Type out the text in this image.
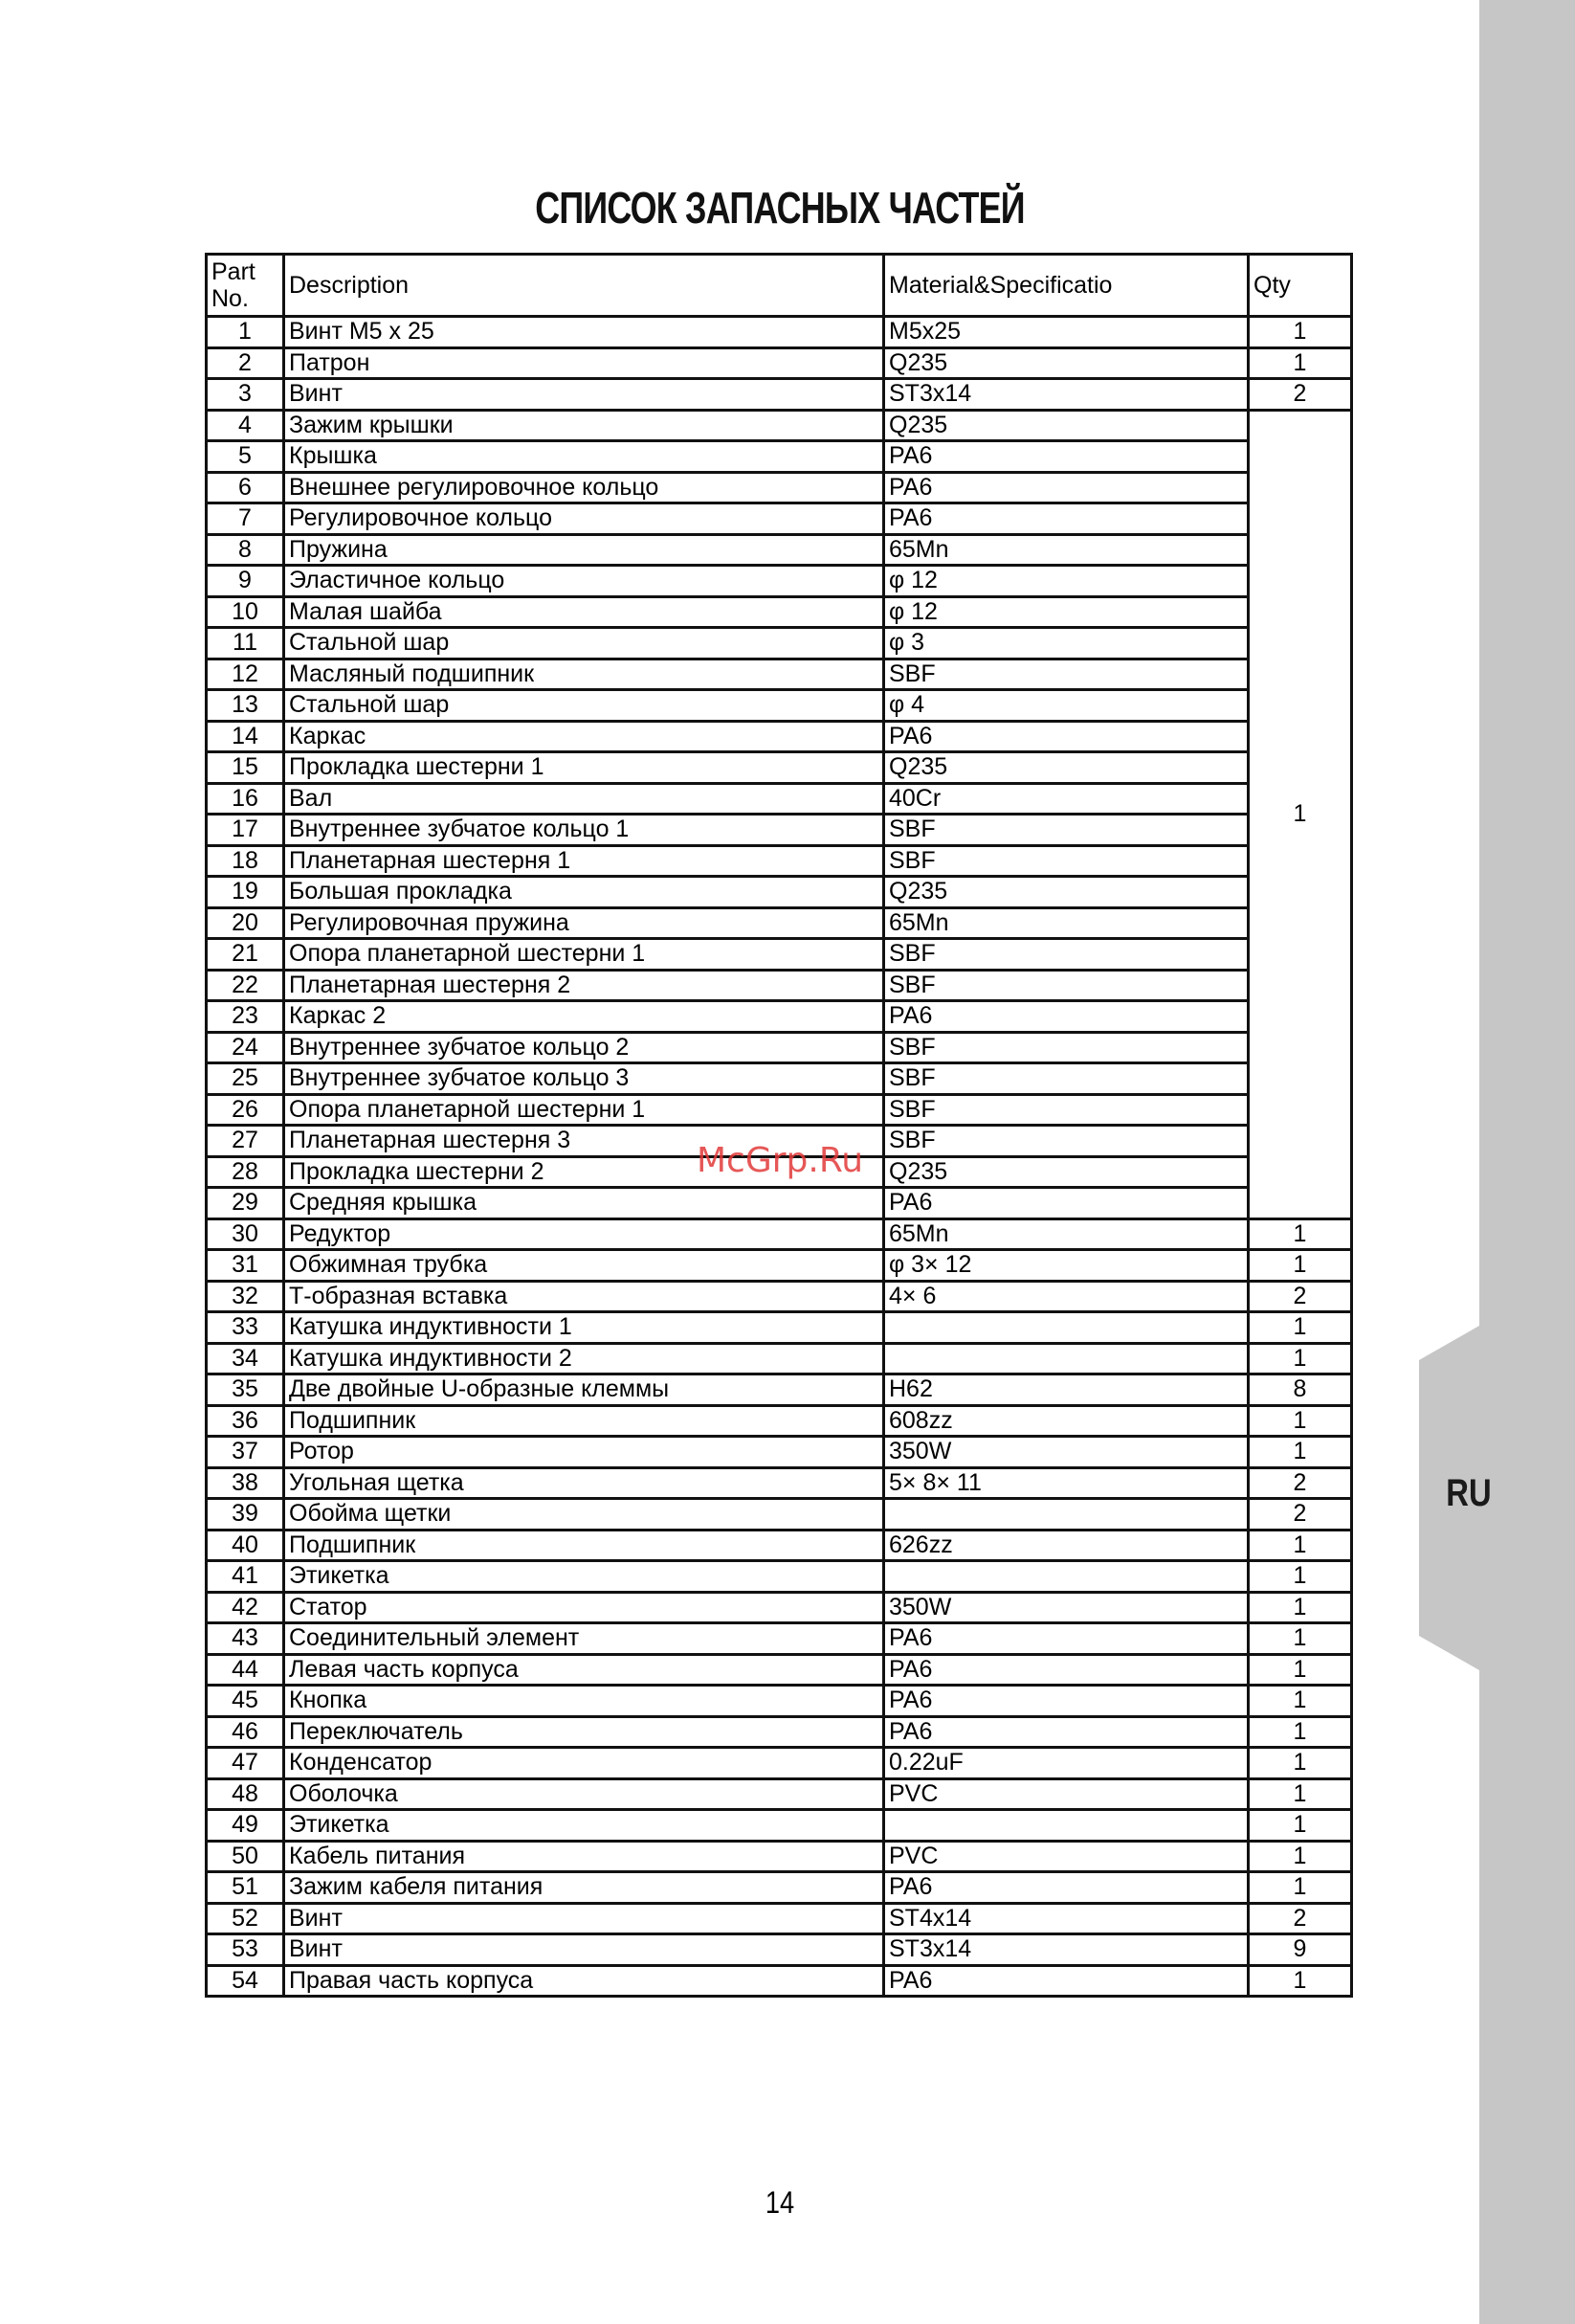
RU
СПИСОК ЗАПАСНЫХ ЧАСТЕЙ
Part
No.	Description	Material&Specificatio	Qty
1	Винт M5 x 25	M5x25	1
2	Патрон	Q235	1
3	Винт	ST3x14	2
4	Зажим крышки	Q235	1
5	Крышка	PA6	
6	Внешнее регулировочное кольцо	PA6	
7	Регулировочное кольцо	PA6	
8	Пружина	65Mn	
9	Эластичное кольцо	φ 12	
10	Малая шайба	φ 12	
11	Стальной шар	φ 3	
12	Масляный подшипник	SBF	
13	Стальной шар	φ 4	
14	Каркас	PA6	
15	Прокладка шестерни 1	Q235	
16	Вал	40Cr	
17	Внутреннее зубчатое кольцо 1	SBF	
18	Планетарная шестерня 1	SBF	
19	Большая прокладка	Q235	
20	Регулировочная пружина	65Mn	
21	Опора планетарной шестерни 1	SBF	
22	Планетарная шестерня 2	SBF	
23	Каркас 2	PA6	
24	Внутреннее зубчатое кольцо 2	SBF	
25	Внутреннее зубчатое кольцо 3	SBF	
26	Опора планетарной шестерни 1	SBF	
27	Планетарная шестерня 3	SBF	
28	Прокладка шестерни 2	Q235	
29	Средняя крышка	PA6	
30	Редуктор	65Mn	1
31	Обжимная трубка	φ 3× 12	1
32	Т-образная вставка	4× 6	2
33	Катушка индуктивности 1		1
34	Катушка индуктивности 2		1
35	Две двойные U-образные клеммы	H62	8
36	Подшипник	608zz	1
37	Ротор	350W	1
38	Угольная щетка	5× 8× 11	2
39	Обойма щетки		2
40	Подшипник	626zz	1
41	Этикетка		1
42	Статор	350W	1
43	Соединительный элемент	PA6	1
44	Левая часть корпуса	PA6	1
45	Кнопка	PA6	1
46	Переключатель	PA6	1
47	Конденсатор	0.22uF	1
48	Оболочка	PVC	1
49	Этикетка		1
50	Кабель питания	PVC	1
51	Зажим кабеля питания	PA6	1
52	Винт	ST4x14	2
53	Винт	ST3x14	9
54	Правая часть корпуса	PA6	1
McGrp.Ru
14
